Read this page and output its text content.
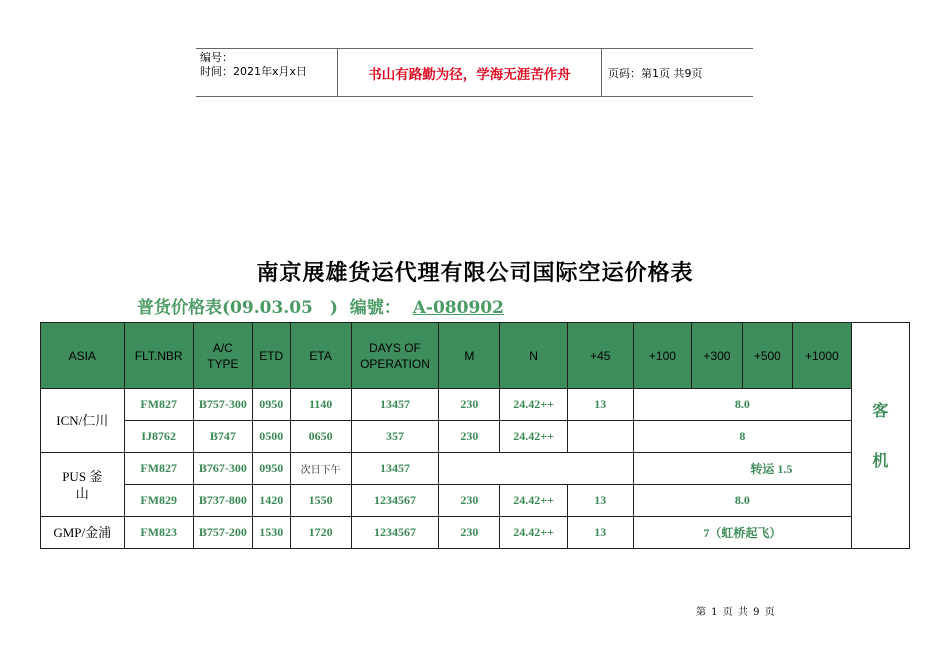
编号：
时间：2021年x月x日	书山有路勤为径，学海无涯苦作舟	页码：第1页 共9页
南京展雄货运代理有限公司国际空运价格表
普货价格表(09.03.05　)  编號： A-080902
ASIA	FLT.NBR	A/C TYPE	ETD	ETA	DAYS OF OPERATION	M	N	+45	+100	+300	+500	+1000	客
机

ICN/仁川	FM827	B757-300	0950	1140	13457	230	24.42++	13	8.0				
	IJ8762	B747	0500	0650	357	230	24.42++		8				
PUS 釜山	FM827	B767-300	0950	次日下午	13457				转运 1.5				
	FM829	B737-800	1420	1550	1234567	230	24.42++	13	8.0				
GMP/金浦	FM823	B757-200	1530	1720	1234567	230	24.42++	13	7（虹桥起飞）				
第 1 页 共 9 页
